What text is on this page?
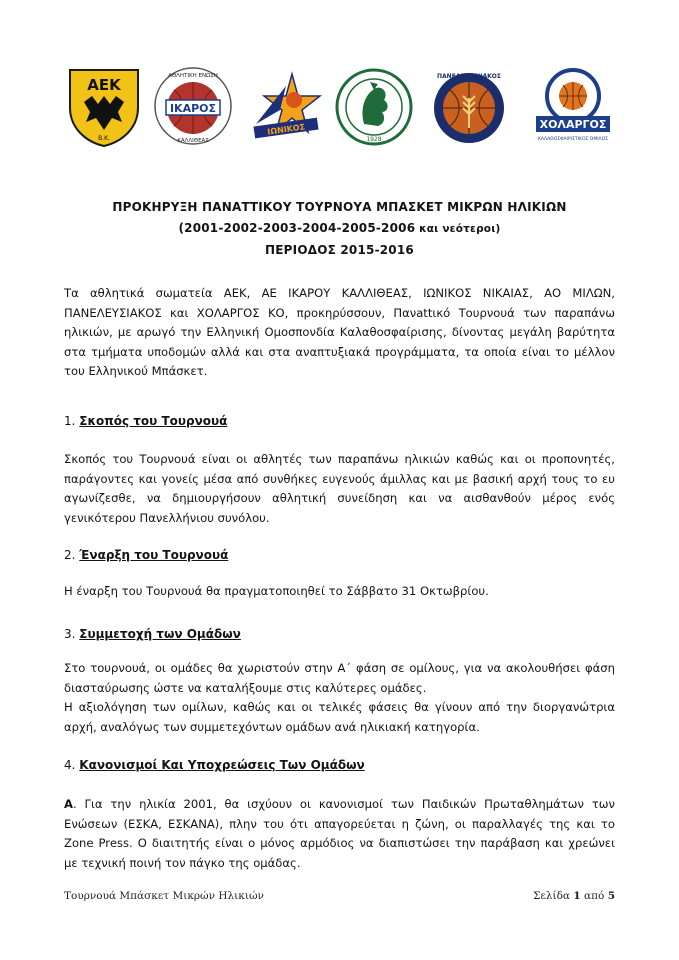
ΑΕΚ
Β.Κ.
ΙΚΑΡΟΣ
ΑΘΛΗΤΙΚΗ ΕΝΩΣΗ
ΚΑΛΛΙΘΕΑΣ
ΙΩΝΙΚΟΣ
1928
ΠΑΝΕΛΕΥΣΙΝΙΑΚΟΣ
ΧΟΛΑΡΓΟΣ
ΚΑΛΑΘΟΣΦΑΙΡΙΣΤΙΚΟΣ ΟΜΙΛΟΣ
ΠΡΟΚΗΡΥΞΗ ΠΑΝΑΤΤΙΚΟΥ ΤΟΥΡΝΟΥΑ ΜΠΑΣΚΕΤ ΜΙΚΡΩΝ ΗΛΙΚΙΩΝ
(2001-2002-2003-2004-2005-2006 και νεότεροι)
ΠΕΡΙΟΔΟΣ 2015-2016
Τα αθλητικά σωματεία ΑΕΚ, ΑΕ ΙΚΑΡΟΥ ΚΑΛΛΙΘΕΑΣ, ΙΩΝΙΚΟΣ ΝΙΚΑΙΑΣ, ΑΟ ΜΙΛΩΝ, ΠΑΝΕΛΕΥΣΙΑΚΟΣ και ΧΟΛΑΡΓΟΣ ΚΟ, προκηρύσσουν, Πανattικό Τουρνουά των παραπάνω ηλικιών, με αρωγό την Ελληνική Ομοσπονδία Καλαθοσφαίρισης, δίνοντας μεγάλη βαρύτητα στα τμήματα υποδομών αλλά και στα αναπτυξιακά προγράμματα, τα οποία είναι το μέλλον του Ελληνικού Μπάσκετ.
1. Σκοπός του Τουρνουά
Σκοπός του Τουρνουά είναι οι αθλητές των παραπάνω ηλικιών καθώς και οι προπονητές, παράγοντες και γονείς μέσα από συνθήκες ευγενούς άμιλλας και με βασική αρχή τους το ευ αγωνίζεσθε, να δημιουργήσουν αθλητική συνείδηση και να αισθανθούν μέρος ενός γενικότερου Πανελλήνιου συνόλου.
2. Έναρξη του Τουρνουά
Η έναρξη του Τουρνουά θα πραγματοποιηθεί το Σάββατο 31 Οκτωβρίου.
3. Συμμετοχή των Ομάδων
Στο τουρνουά, οι ομάδες θα χωριστούν στην Α΄ φάση σε ομίλους, για να ακολουθήσει φάση διασταύρωσης ώστε να καταλήξουμε στις καλύτερες ομάδες.
Η αξιολόγηση των ομίλων, καθώς και οι τελικές φάσεις θα γίνουν από την διοργανώτρια αρχή, αναλόγως των συμμετεχόντων ομάδων ανά ηλικιακή κατηγορία.
4. Κανονισμοί Και Υποχρεώσεις Των Ομάδων
Α. Για την ηλικία 2001, θα ισχύουν οι κανονισμοί των Παιδικών Πρωταθλημάτων των Ενώσεων (ΕΣΚΑ, ΕΣΚΑΝΑ), πλην του ότι απαγορεύεται η ζώνη, οι παραλλαγές της και το Zone Press. Ο διαιτητής είναι ο μόνος αρμόδιος να διαπιστώσει την παράβαση και χρεώνει με τεχνική ποινή τον πάγκο της ομάδας.
Τουρνουά Μπάσκετ Μικρών Ηλικιών	Σελίδα 1 από 5
